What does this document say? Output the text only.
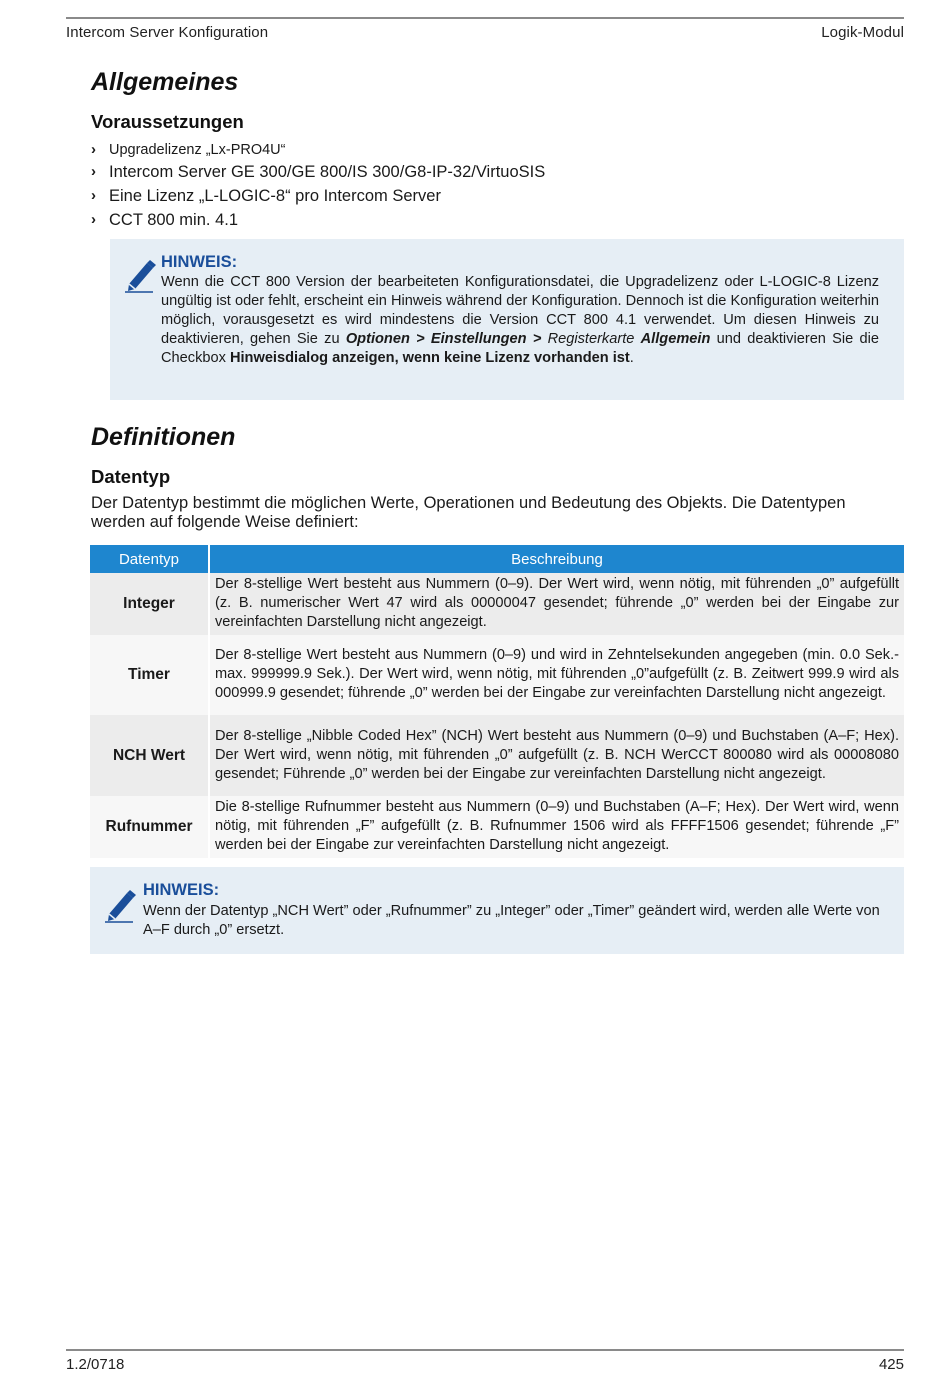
Intercom Server Konfiguration	Logik-Modul
Allgemeines
Voraussetzungen
› Upgradelizenz „Lx-PRO4U“
› Intercom Server GE 300/GE 800/IS 300/G8-IP-32/VirtuoSIS
› Eine Lizenz „L-LOGIC-8“ pro Intercom Server
› CCT 800 min. 4.1
HINWEIS:
Wenn die CCT 800 Version der bearbeiteten Konfigurationsdatei, die Upgradelizenz oder L-LOGIC-8 Lizenz ungültig ist oder fehlt, erscheint ein Hinweis während der Konfiguration. Dennoch ist die Konfiguration weiterhin möglich, vorausgesetzt es wird mindestens die Version CCT 800 4.1 verwendet. Um diesen Hinweis zu deaktivieren, gehen Sie zu Optionen > Einstellungen > Registerkarte Allgemein und deaktivieren Sie die Checkbox Hinweisdialog anzeigen, wenn keine Lizenz vorhanden ist.
Definitionen
Datentyp
Der Datentyp bestimmt die möglichen Werte, Operationen und Bedeutung des Objekts. Die Datentypen werden auf folgende Weise definiert:
Datentyp	Beschreibung
Integer	Der 8-stellige Wert besteht aus Nummern (0–9). Der Wert wird, wenn nötig, mit führenden „0” aufgefüllt (z. B. numerischer Wert 47 wird als 00000047 gesendet; führende „0” werden bei der Eingabe zur vereinfachten Darstellung nicht angezeigt.
Timer	Der 8-stellige Wert besteht aus Nummern (0–9) und wird in Zehntelsekunden angegeben (min. 0.0 Sek.-max. 999999.9 Sek.). Der Wert wird, wenn nötig, mit führenden „0”aufgefüllt (z. B. Zeitwert 999.9 wird als 000999.9 gesendet; führende „0” werden bei der Eingabe zur vereinfachten Darstellung nicht angezeigt.
NCH Wert	Der 8-stellige „Nibble Coded Hex” (NCH) Wert besteht aus Nummern (0–9) und Buchstaben (A–F; Hex). Der Wert wird, wenn nötig, mit führenden „0” aufgefüllt (z. B. NCH WerCCT 800080 wird als 00008080 gesendet; Führende „0” werden bei der Eingabe zur vereinfachten Darstellung nicht angezeigt.
Rufnummer	Die 8-stellige Rufnummer besteht aus Nummern (0–9) und Buchstaben (A–F; Hex). Der Wert wird, wenn nötig, mit führenden „F” aufgefüllt (z. B. Rufnummer 1506 wird als FFFF1506 gesendet; führende „F” werden bei der Eingabe zur vereinfachten Darstellung nicht angezeigt.
HINWEIS:
Wenn der Datentyp „NCH Wert” oder „Rufnummer” zu „Integer” oder „Timer” geändert wird, werden alle Werte von A–F durch „0” ersetzt.
1.2/0718	425
